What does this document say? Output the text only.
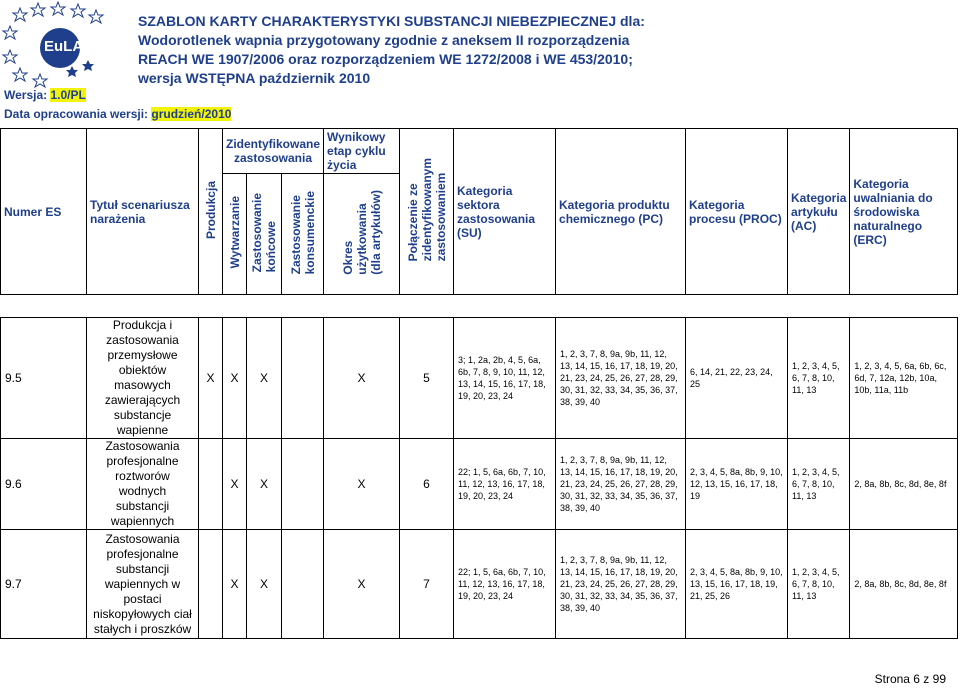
EuLA
Wersja: 1.0/PL
Data opracowania wersji: grudzień/2010
SZABLON KARTY CHARAKTERYSTYKI SUBSTANCJI NIEBEZPIECZNEJ dla:
Wodorotlenek wapnia przygotowany zgodnie z aneksem II rozporządzenia
REACH WE 1907/2006 oraz rozporządzeniem WE 1272/2008 i WE 453/2010;
wersja WSTĘPNA październik 2010
Numer ES	Tytuł scenariusza narażenia	Produkcja	Zidentyfikowane zastosowania			Wynikowy etap cyklu życia	Połączenie ze
zidentyfikowanym
zastosowaniem	Kategoria sektora zastosowania (SU)	Kategoria produktu chemicznego (PC)	Kategoria procesu (PROC)	Kategoria artykułu (AC)	Kategoria uwalniania do środowiska naturalnego (ERC)
			Wytwarzanie	Zastosowanie
końcowe	Zastosowanie
konsumenckie	Okres
użytkowania
(dla artykułów)						

9.5	Produkcja i zastosowania przemysłowe obiektów masowych zawierających substancje wapienne	X	X	X		X	5	3; 1, 2a, 2b, 4, 5, 6a, 6b, 7, 8, 9, 10, 11, 12, 13, 14, 15, 16, 17, 18, 19, 20, 23, 24	1, 2, 3, 7, 8, 9a, 9b, 11, 12, 13, 14, 15, 16, 17, 18, 19, 20, 21, 23, 24, 25, 26, 27, 28, 29, 30, 31, 32, 33, 34, 35, 36, 37, 38, 39, 40	6, 14, 21, 22, 23, 24, 25	1, 2, 3, 4, 5, 6, 7, 8, 10, 11, 13	1, 2, 3, 4, 5, 6a, 6b, 6c, 6d, 7, 12a, 12b, 10a, 10b, 11a, 11b
9.6	Zastosowania profesjonalne roztworów wodnych substancji wapiennych		X	X		X	6	22; 1, 5, 6a, 6b, 7, 10, 11, 12, 13, 16, 17, 18, 19, 20, 23, 24	1, 2, 3, 7, 8, 9a, 9b, 11, 12, 13, 14, 15, 16, 17, 18, 19, 20, 21, 23, 24, 25, 26, 27, 28, 29, 30, 31, 32, 33, 34, 35, 36, 37, 38, 39, 40	2, 3, 4, 5, 8a, 8b, 9, 10, 12, 13, 15, 16, 17, 18, 19	1, 2, 3, 4, 5, 6, 7, 8, 10, 11, 13	2, 8a, 8b, 8c, 8d, 8e, 8f
9.7	Zastosowania profesjonalne substancji wapiennych w postaci niskopyłowych ciał stałych i proszków		X	X		X	7	22; 1, 5, 6a, 6b, 7, 10, 11, 12, 13, 16, 17, 18, 19, 20, 23, 24	1, 2, 3, 7, 8, 9a, 9b, 11, 12, 13, 14, 15, 16, 17, 18, 19, 20, 21, 23, 24, 25, 26, 27, 28, 29, 30, 31, 32, 33, 34, 35, 36, 37, 38, 39, 40	2, 3, 4, 5, 8a, 8b, 9, 10, 13, 15, 16, 17, 18, 19, 21, 25, 26	1, 2, 3, 4, 5, 6, 7, 8, 10, 11, 13	2, 8a, 8b, 8c, 8d, 8e, 8f
Strona 6 z 99
